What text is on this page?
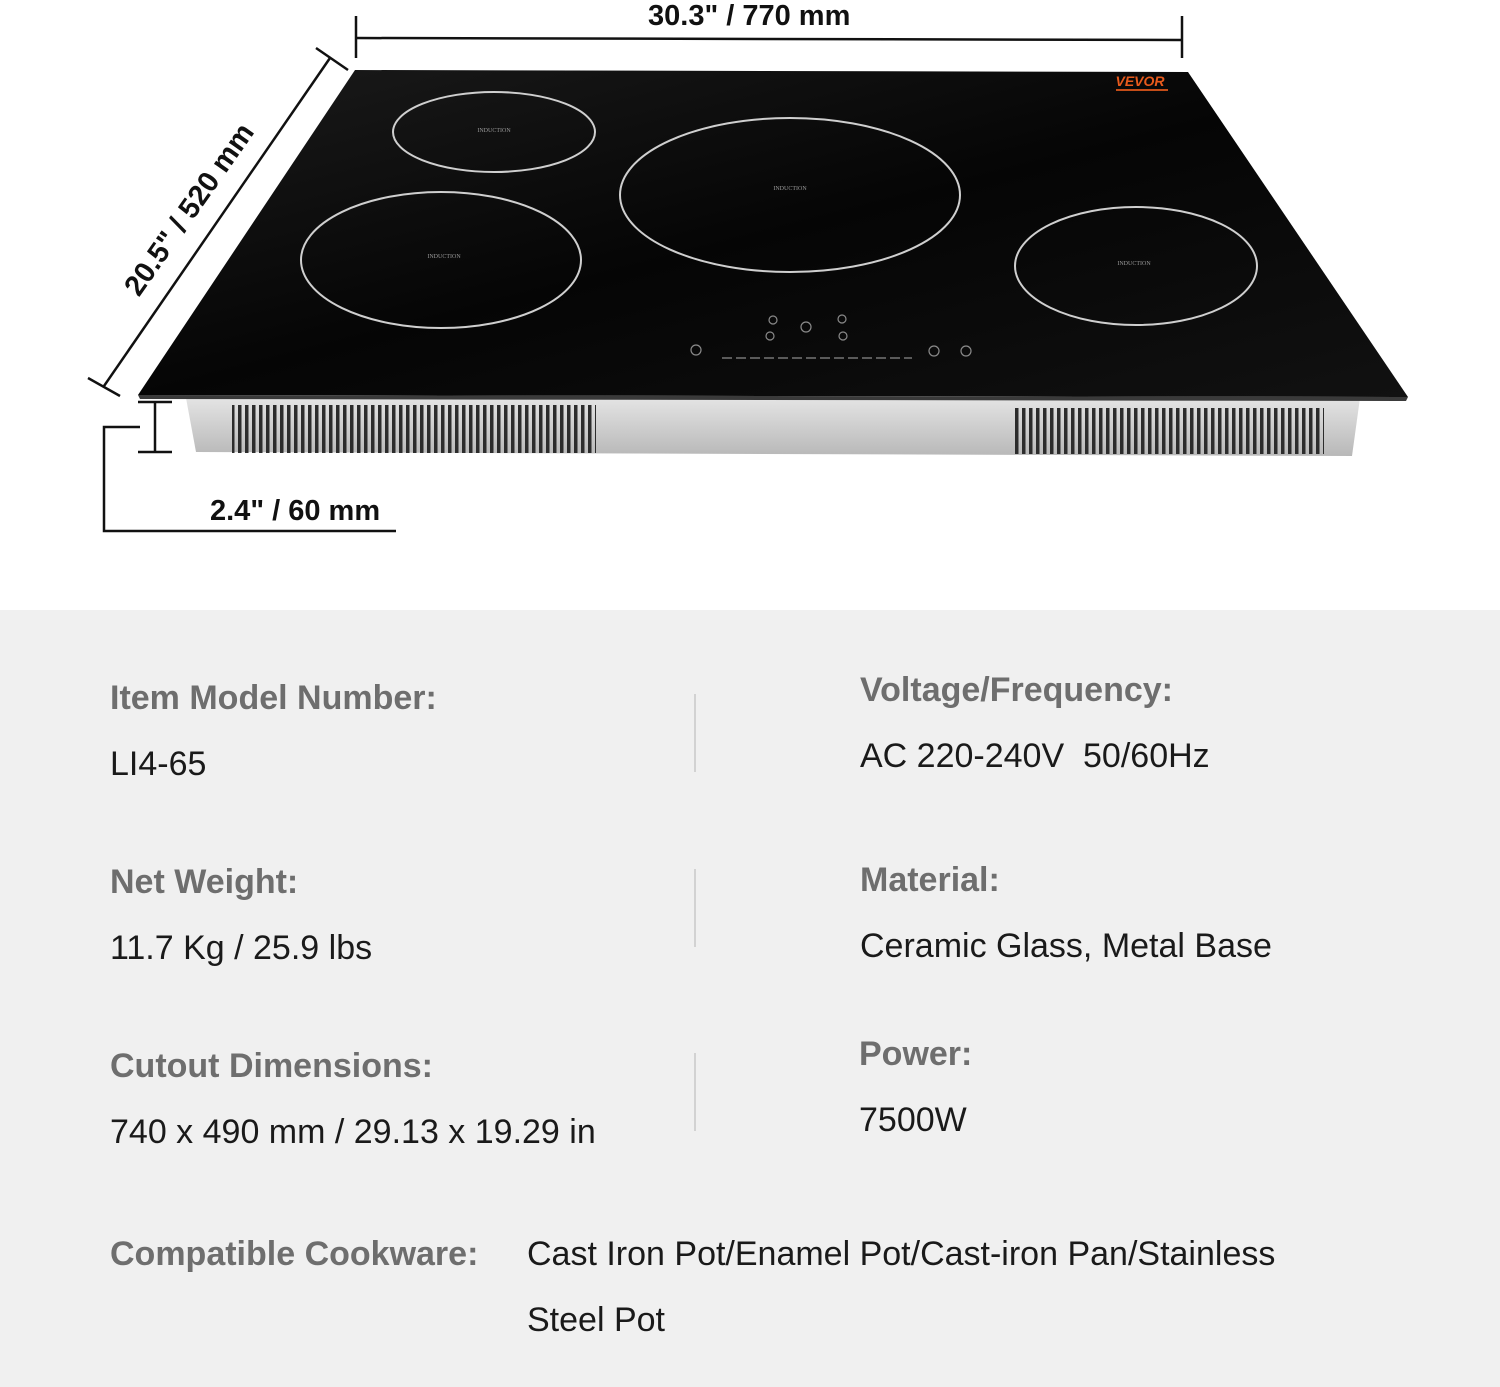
INDUCTION
INDUCTION
INDUCTION
INDUCTION
VEVOR
30.3" / 770 mm
20.5" / 520 mm
2.4" / 60 mm
Item Model Number:
LI4-65
Voltage/Frequency:
AC 220-240V  50/60Hz
Net Weight:
11.7 Kg / 25.9 lbs
Material:
Ceramic Glass, Metal Base
Cutout Dimensions:
740 x 490 mm / 29.13 x 19.29 in
Power:
7500W
Compatible Cookware: Cast Iron Pot/Enamel Pot/Cast-iron Pan/Stainless
Steel Pot
